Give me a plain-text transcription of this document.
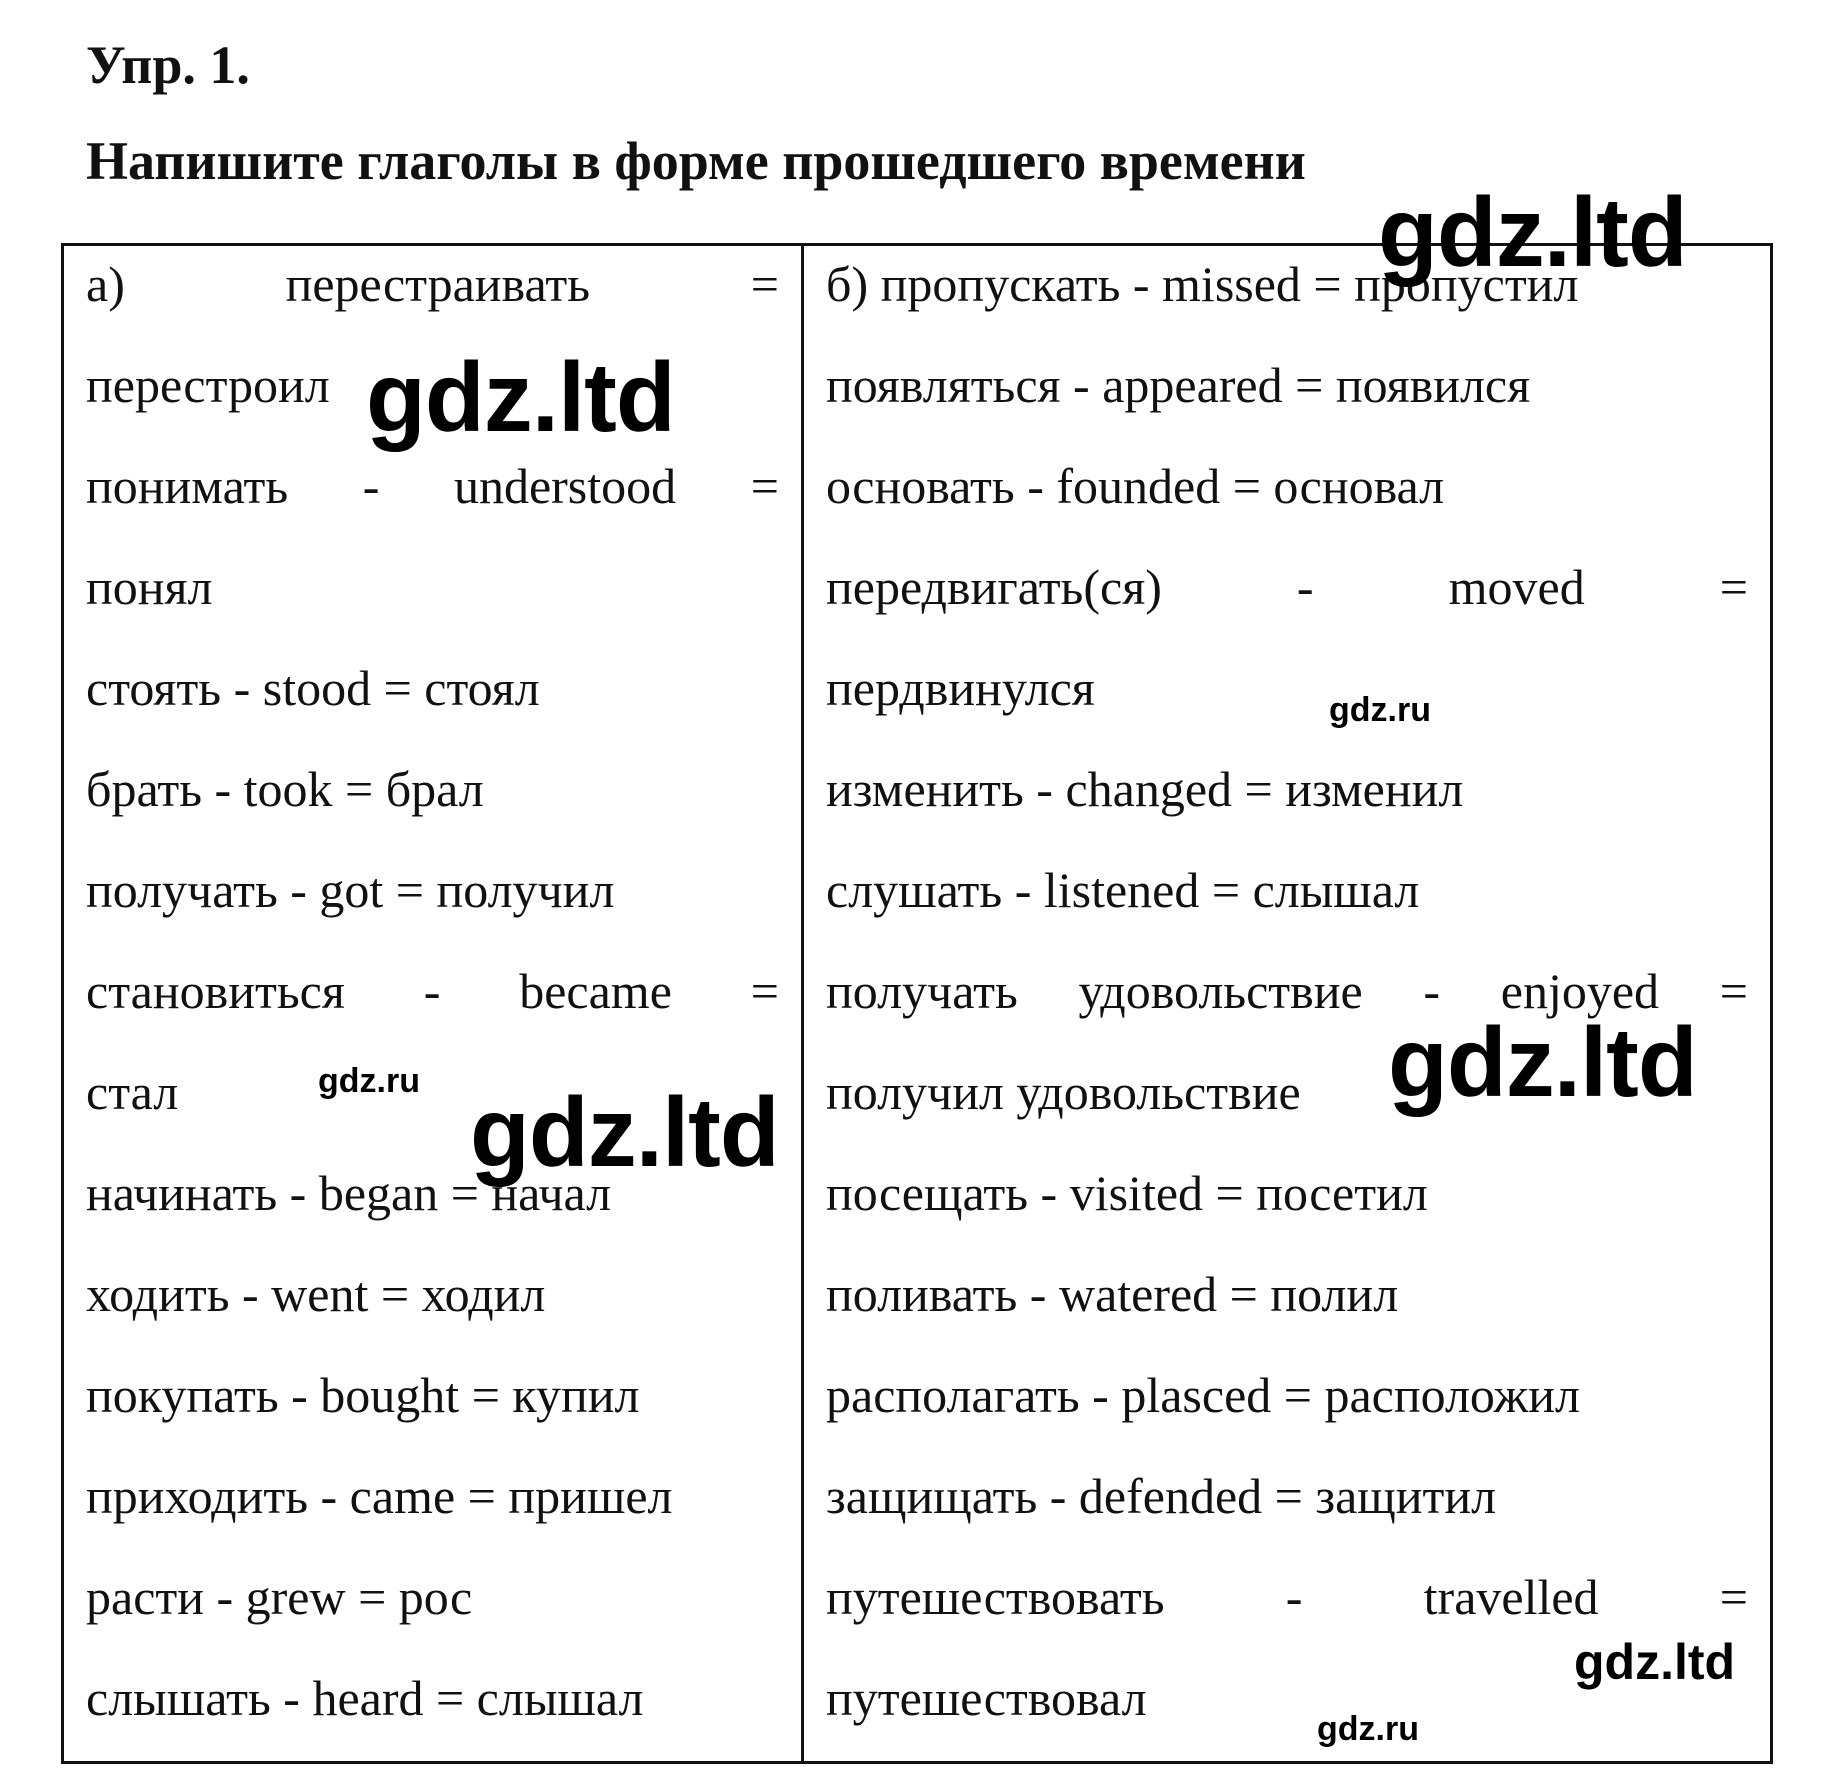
Упр. 1.
Напишите глаголы в форме прошедшего времени
а)	перестраивать	=
перестроил
понимать - understood =
понял
стоять - stood = стоял
брать - took = брал
получать - got = получил
становиться - became =
стал
начинать - began = начал
ходить - went = ходил
покупать - bought = купил
приходить - came = пришел
расти - grew = рос
слышать - heard = слышал
б) пропускать - missed = пропустил
появляться - appeared = появился
основать - founded = основал
передвигать(ся)	-	moved	=
пердвинулся
изменить - changed = изменил
слушать - listened = слышал
получать удовольствие - enjoyed =
получил удовольствие
посещать - visited = посетил
поливать - watered = полил
располагать - plasced = расположил
защищать - defended = защитил
путешествовать - travelled =
путешествовал
gdz.ltd
gdz.ltd
gdz.ru
gdz.ltd
gdz.ltd
gdz.ru
gdz.ltd
gdz.ru
